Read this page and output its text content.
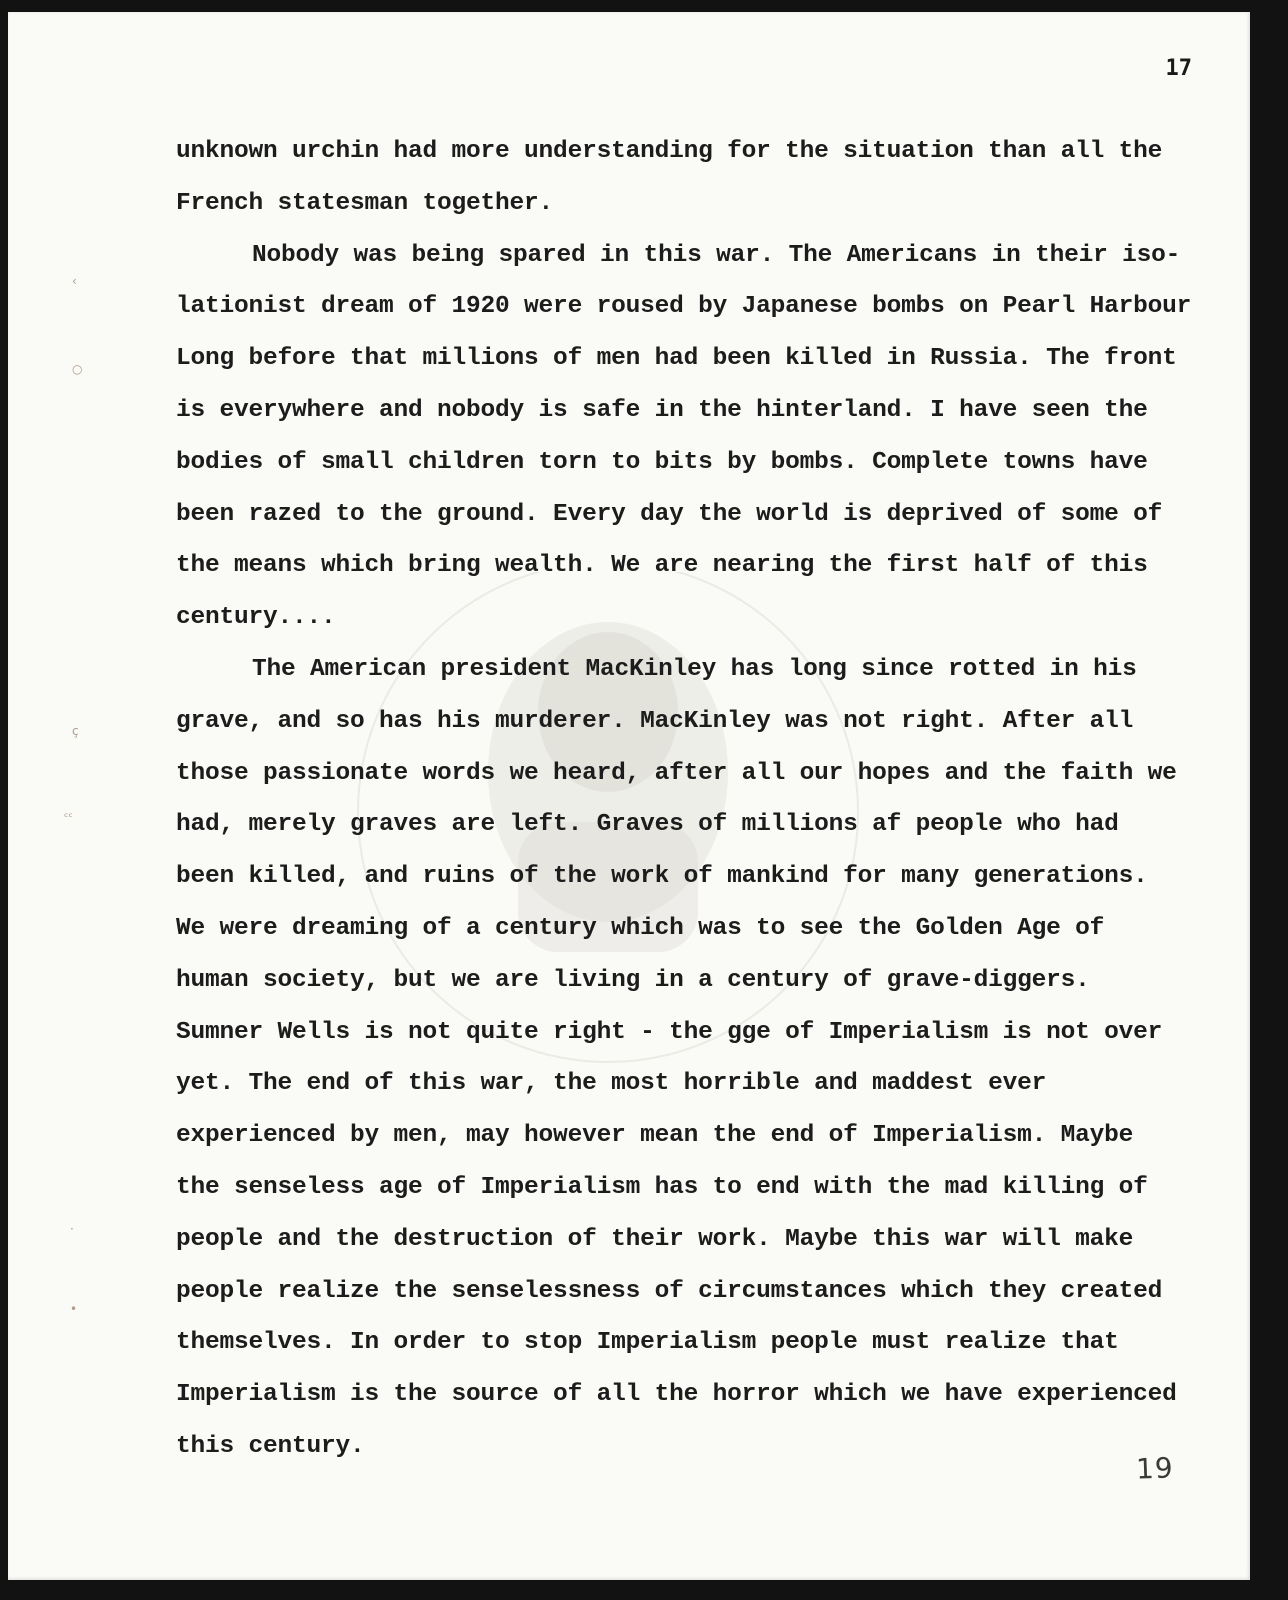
‹
○
ç
ᶜᶜ
·
•
17
unknown urchin had more understanding for the situation than all the
French statesman together.
Nobody was being spared in this war. The Americans in their iso-
lationist dream of 1920 were roused by Japanese bombs on Pearl Harbour
Long before that millions of men had been killed in Russia. The front
is everywhere and nobody is safe in the hinterland. I have seen the
bodies of small children torn to bits by bombs. Complete towns have
been razed to the ground. Every day the world is deprived of some of
the means which bring wealth. We are nearing the first half of this
century....
The American president MacKinley has long since rotted in his
grave, and so has his murderer. MacKinley was not right. After all
those passionate words we heard, after all our hopes and the faith we
had, merely graves are left. Graves of millions af people who had
been killed, and ruins of the work of mankind for many generations.
We were dreaming of a century which was to see the Golden Age of
human society, but we are living in a century of grave-diggers.
Sumner Wells is not quite right - the gge of Imperialism is not over
yet. The end of this war, the most horrible and maddest ever
experienced by men, may however mean the end of Imperialism. Maybe
the senseless age of Imperialism has to end with the mad killing of
people and the destruction of their work. Maybe this war will make
people realize the senselessness of circumstances which they created
themselves. In order to stop Imperialism people must realize that
Imperialism is the source of all the horror which we have experienced
this century.
19
